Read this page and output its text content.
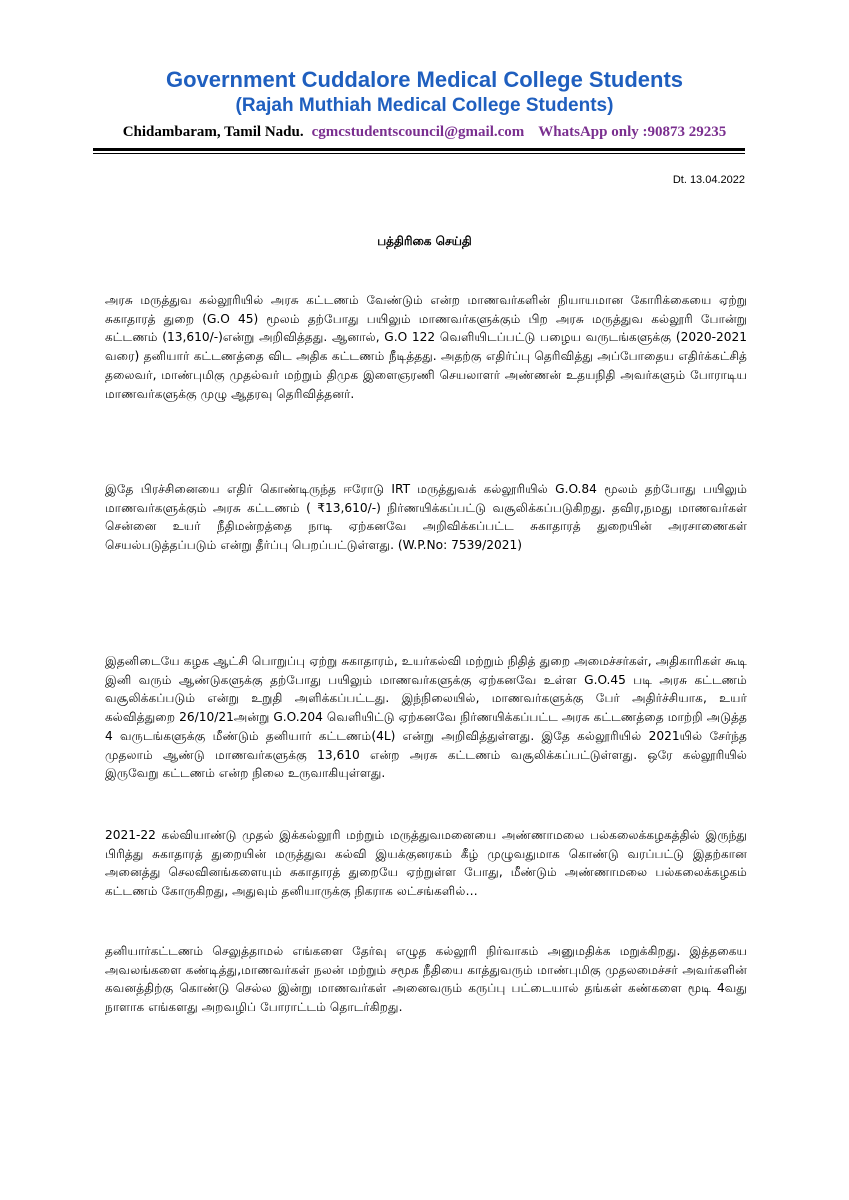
Government Cuddalore Medical College Students
(Rajah Muthiah Medical College Students)
Chidambaram, Tamil Nadu. cgmcstudentscouncil@gmail.com WhatsApp only :90873 29235
Dt. 13.04.2022
பத்திரிகை செய்தி

அரசு மருத்துவ கல்லூரியில் அரசு கட்டணம் வேண்டும் என்ற மாணவர்களின் நியாயமான கோரிக்கையை ஏற்று சுகாதாரத் துறை (G.O 45) மூலம் தற்போது பயிலும் மாணவர்களுக்கும் பிற அரசு மருத்துவ கல்லூரி போன்று கட்டணம் (13,610/-)என்று அறிவித்தது. ஆனால், G.O 122 வெளியிடப்பட்டு பழைய வருடங்களுக்கு (2020-2021 வரை) தனியார் கட்டணத்தை விட அதிக கட்டணம் நீடித்தது. அதற்கு எதிர்ப்பு தெரிவித்து அப்போதைய எதிர்க்கட்சித் தலைவர், மாண்புமிகு முதல்வர் மற்றும் திமுக இளைஞரணி செயலாளர் அண்ணன் உதயநிதி அவர்களும் போராடிய மாணவர்களுக்கு முழு ஆதரவு தெரிவித்தனர்.

இதே பிரச்சினையை எதிர் கொண்டிருந்த ஈரோடு IRT மருத்துவக் கல்லூரியில் G.O.84 மூலம் தற்போது பயிலும் மாணவர்களுக்கும் அரசு கட்டணம் ( ₹13,610/-) நிர்ணயிக்கப்பட்டு வசூலிக்கப்படுகிறது. தவிர,நமது மாணவர்கள் சென்னை உயர் நீதிமன்றத்தை நாடி ஏற்கனவே அறிவிக்கப்பட்ட சுகாதாரத் துறையின் அரசாணைகள் செயல்படுத்தப்படும் என்று தீர்ப்பு பெறப்பட்டுள்ளது. (W.P.No: 7539/2021)

இதனிடையே கழக ஆட்சி பொறுப்பு ஏற்று சுகாதாரம், உயர்கல்வி மற்றும் நிதித் துறை அமைச்சர்கள், அதிகாரிகள் கூடி இனி வரும் ஆண்டுகளுக்கு தற்போது பயிலும் மாணவர்களுக்கு ஏற்கனவே உள்ள G.O.45 படி அரசு கட்டணம் வசூலிக்கப்படும் என்று உறுதி அளிக்கப்பட்டது. இந்நிலையில், மாணவர்களுக்கு பேர் அதிர்ச்சியாக, உயர் கல்வித்துறை 26/10/21அன்று G.O.204 வெளியிட்டு ஏற்கனவே நிர்ணயிக்கப்பட்ட அரசு கட்டணத்தை மாற்றி அடுத்த 4 வருடங்களுக்கு மீண்டும் தனியார் கட்டணம்(4L) என்று அறிவித்துள்ளது. இதே கல்லூரியில் 2021யில் சேர்ந்த முதலாம் ஆண்டு மாணவர்களுக்கு 13,610 என்ற அரசு கட்டணம் வசூலிக்கப்பட்டுள்ளது. ஒரே கல்லூரியில் இருவேறு கட்டணம் என்ற நிலை உருவாகியுள்ளது.

2021-22 கல்வியாண்டு முதல் இக்கல்லூரி மற்றும் மருத்துவமனையை அண்ணாமலை பல்கலைக்கழகத்தில் இருந்து பிரித்து சுகாதாரத் துறையின் மருத்துவ கல்வி இயக்குனரகம் கீழ் முழுவதுமாக கொண்டு வரப்பட்டு இதற்கான அனைத்து செலவினங்களையும் சுகாதாரத் துறையே ஏற்றுள்ள போது, மீண்டும் அண்ணாமலை பல்கலைக்கழகம் கட்டணம் கோருகிறது, அதுவும் தனியாருக்கு நிகராக லட்சங்களில்…

தனியார்கட்டணம் செலுத்தாமல் எங்களை தேர்வு எழுத கல்லூரி நிர்வாகம் அனுமதிக்க மறுக்கிறது. இத்தகைய அவலங்களை கண்டித்து,மாணவர்கள் நலன் மற்றும் சமூக நீதியை காத்துவரும் மாண்புமிகு முதலமைச்சர் அவர்களின் கவனத்திற்கு கொண்டு செல்ல இன்று மாணவர்கள் அனைவரும் கருப்பு பட்டையால் தங்கள் கண்களை மூடி 4வது நாளாக எங்களது அறவழிப் போராட்டம் தொடர்கிறது.
